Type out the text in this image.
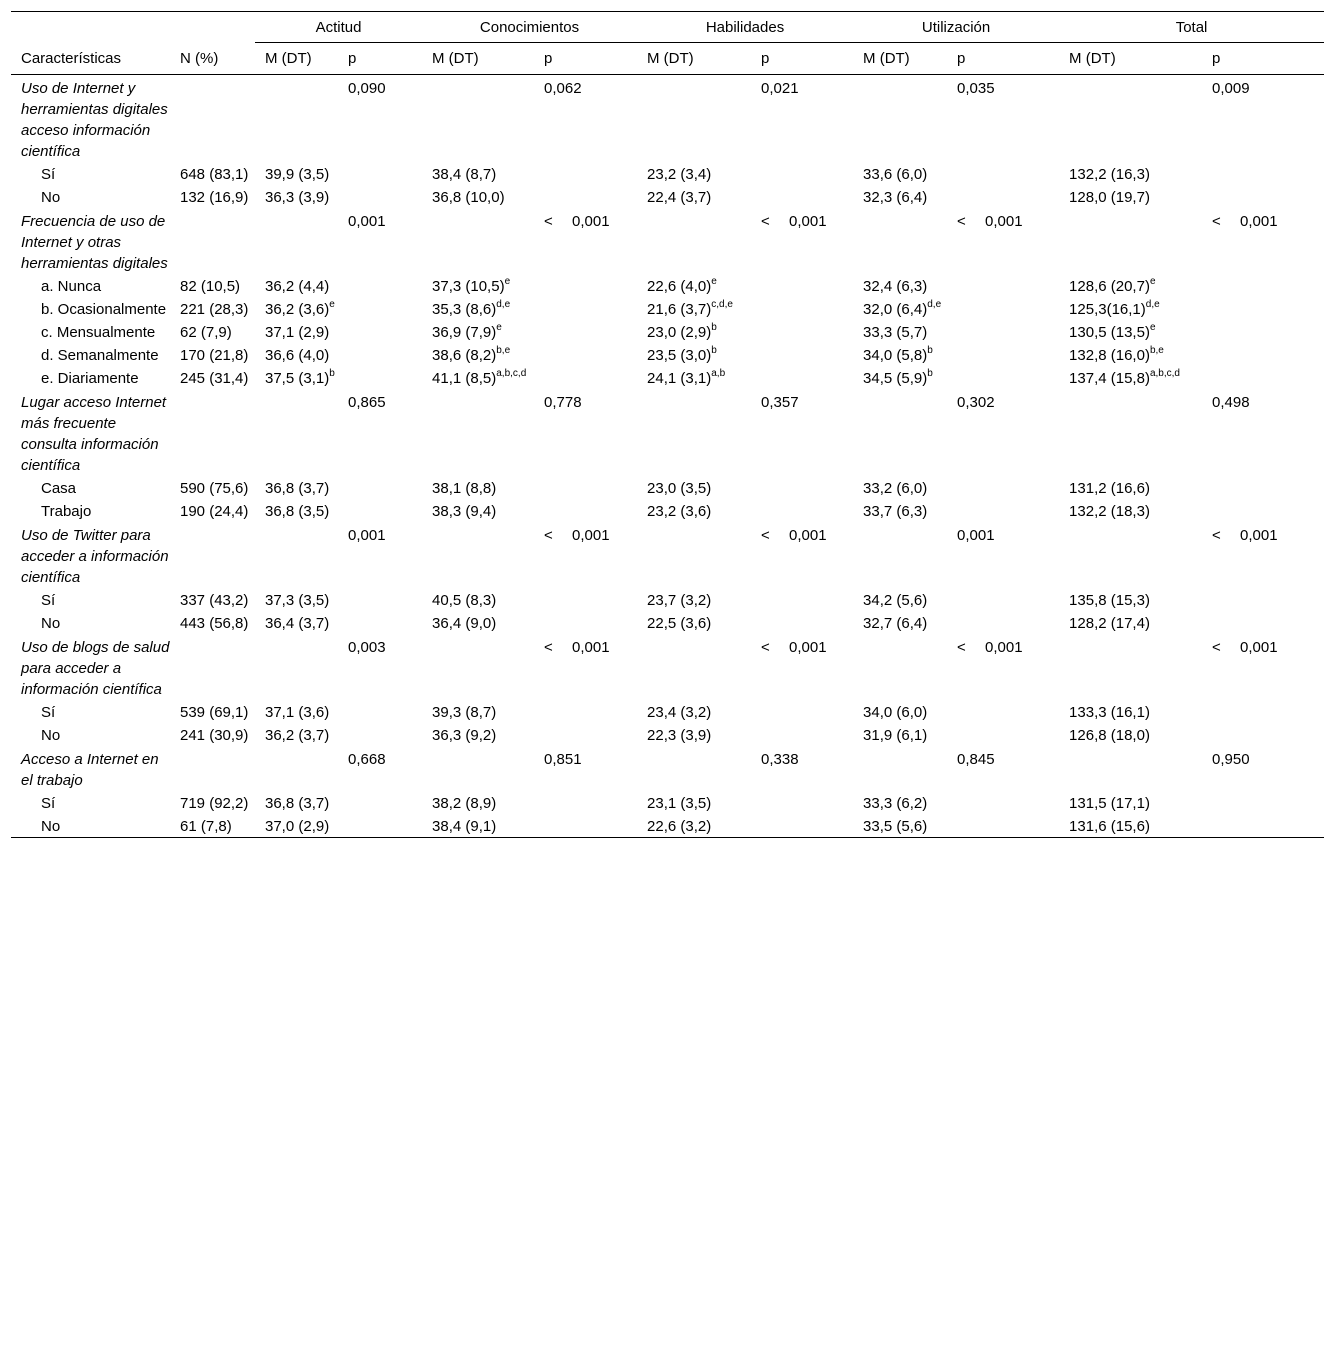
		Actitud		Conocimientos		Habilidades		Utilización		Total	
Características	N (%)	M (DT)	p	M (DT)	p	M (DT)	p	M (DT)	p	M (DT)	p
Uso de Internet y herramientas digitales acceso información científica			0,090		0,062		0,021		0,035		0,009
Sí	648 (83,1)	39,9 (3,5)		38,4 (8,7)		23,2 (3,4)		33,6 (6,0)		132,2 (16,3)	
No	132 (16,9)	36,3 (3,9)		36,8 (10,0)		22,4 (3,7)		32,3 (6,4)		128,0 (19,7)	
Frecuencia de uso de Internet y otras herramientas digitales			0,001		< 0,001		< 0,001		< 0,001		< 0,001
a. Nunca	82 (10,5)	36,2 (4,4)		37,3 $(10,5)^e$		22,6 $(4,0)^e$		32,4 (6,3)		128,6 $(20,7)^e$	

b. Ocasionalmente	221 (28,3)	36,2 $(3,6)^e$		35,3 $(8,6)^{d,e}$		21,6 $(3,7)^{c,d,e}$		32,0 $(6,4)^{d,e}$		$125,3(16,1)^{d,e}$	

c. Mensualmente	62 (7,9)	37,1 (2,9)		36,9 $(7,9)^e$		23,0 $(2,9)^b$		33,3 (5,7)		130,5 $(13,5)^e$	

d. Semanalmente	170 (21,8)	36,6 (4,0)		38,6 $(8,2)^{b,e}$		23,5 $(3,0)^b$		34,0 $(5,8)^b$		132,8 $(16,0)^{b,e}$	

e. Diariamente	245 (31,4)	37,5 $(3,1)^b$		41,1 $(8,5)^{a,b,c,d}$		24,1 $(3,1)^{a,b}$		34,5 $(5,9)^b$		137,4 $(15,8)^{a,b,c,d}$	
Lugar acceso Internet más frecuente consulta información científica			0,865		0,778		0,357		0,302		0,498
Casa	590 (75,6)	36,8 (3,7)		38,1 (8,8)		23,0 (3,5)		33,2 (6,0)		131,2 (16,6)	
Trabajo	190 (24,4)	36,8 (3,5)		38,3 (9,4)		23,2 (3,6)		33,7 (6,3)		132,2 (18,3)	
Uso de Twitter para acceder a información científica			0,001		< 0,001		< 0,001		0,001		< 0,001
Sí	337 (43,2)	37,3 (3,5)		40,5 (8,3)		23,7 (3,2)		34,2 (5,6)		135,8 (15,3)	
No	443 (56,8)	36,4 (3,7)		36,4 (9,0)		22,5 (3,6)		32,7 (6,4)		128,2 (17,4)	
Uso de blogs de salud para acceder a información científica			0,003		< 0,001		< 0,001		< 0,001		< 0,001
Sí	539 (69,1)	37,1 (3,6)		39,3 (8,7)		23,4 (3,2)		34,0 (6,0)		133,3 (16,1)	
No	241 (30,9)	36,2 (3,7)		36,3 (9,2)		22,3 (3,9)		31,9 (6,1)		126,8 (18,0)	
Acceso a Internet en el trabajo			0,668		0,851		0,338		0,845		0,950
Sí	719 (92,2)	36,8 (3,7)		38,2 (8,9)		23,1 (3,5)		33,3 (6,2)		131,5 (17,1)	
No	61 (7,8)	37,0 (2,9)		38,4 (9,1)		22,6 (3,2)		33,5 (5,6)		131,6 (15,6)	
